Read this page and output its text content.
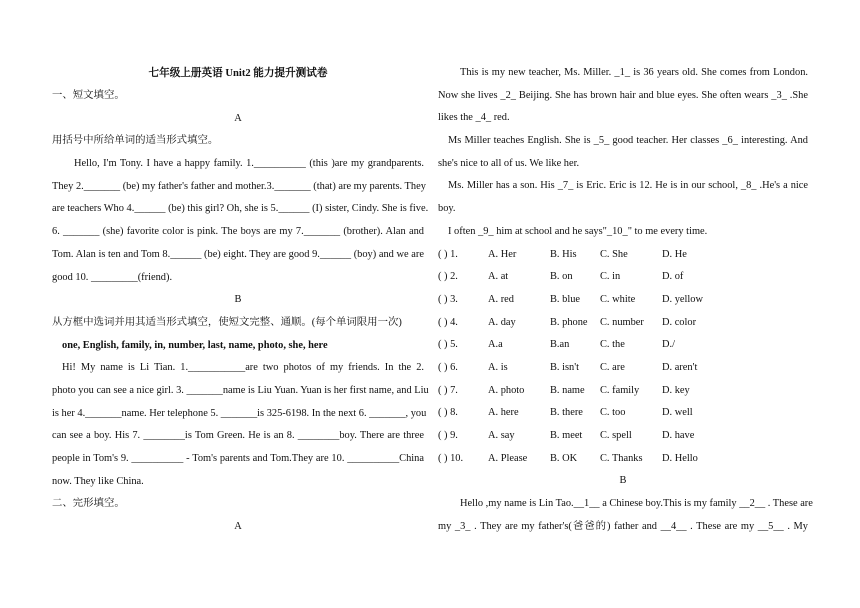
七年级上册英语 Unit2 能力提升测试卷
一、短文填空。
A
用括号中所给单词的适当形式填空。
Hello, I'm Tony. I have a happy family. 1.__________ (this )are my grandparents.
They 2._______ (be) my father's father and mother.3._______ (that) are my parents. They
are teachers Who 4.______ (be) this girl? Oh, she is 5.______ (I) sister, Cindy. She is five.
6. _______ (she) favorite color is pink. The boys are my 7._______ (brother). Alan and
Tom. Alan is ten and Tom 8.______ (be) eight. They are good 9.______ (boy) and we are
good 10. _________(friend).
B
从方框中选词并用其适当形式填空，使短文完整、通顺。(每个单词限用一次)
one, English, family, in, number, last, name, photo, she, here
Hi! My name is Li Tian. 1.___________are two photos of my friends. In the 2.
photo you can see a nice girl. 3. _______name is Liu Yuan. Yuan is her first name, and Liu
is her 4._______name. Her telephone 5. _______is 325-6198. In the next 6. _______, you
can see a boy. His 7. ________is Tom Green. He is an 8. ________boy. There are three
people in Tom's 9. __________ - Tom's parents and Tom.They are 10. __________China
now. They like China.
二、完形填空。
A
This is my new teacher, Ms. Miller. _1_ is 36 years old. She comes from London.
Now she lives _2_ Beijing. She has brown hair and blue eyes. She often wears _3_ .She
likes the _4_ red.
Ms Miller teaches English. She is _5_ good teacher. Her classes _6_ interesting. And
she's nice to all of us. We like her.
Ms. Miller has a son. His _7_ is Eric. Eric is 12. He is in our school, _8_ .He's a nice
boy.
I often _9_ him at school and he says"_10_" to me every time.
( ) 1.	A. Her	B. His	C. She	D. He
( ) 2.	A. at	B. on	C. in	D. of
( ) 3.	A. red	B. blue	C. white	D. yellow
( ) 4.	A. day	B. phone	C. number	D. color
( ) 5.	A.a	B.an	C. the	D./
( ) 6.	A. is	B. isn't	C. are	D. aren't
( ) 7.	A. photo	B. name	C. family	D. key
( ) 8.	A. here	B. there	C. too	D. well
( ) 9.	A. say	B. meet	C. spell	D. have
( ) 10.	A. Please	B. OK	C. Thanks	D. Hello
B
Hello ,my name is Lin Tao.__1__ a Chinese boy.This is my family __2__ . These are
my _3_ . They are my father's(爸爸的) father and __4__ . These are my __5__ . My
